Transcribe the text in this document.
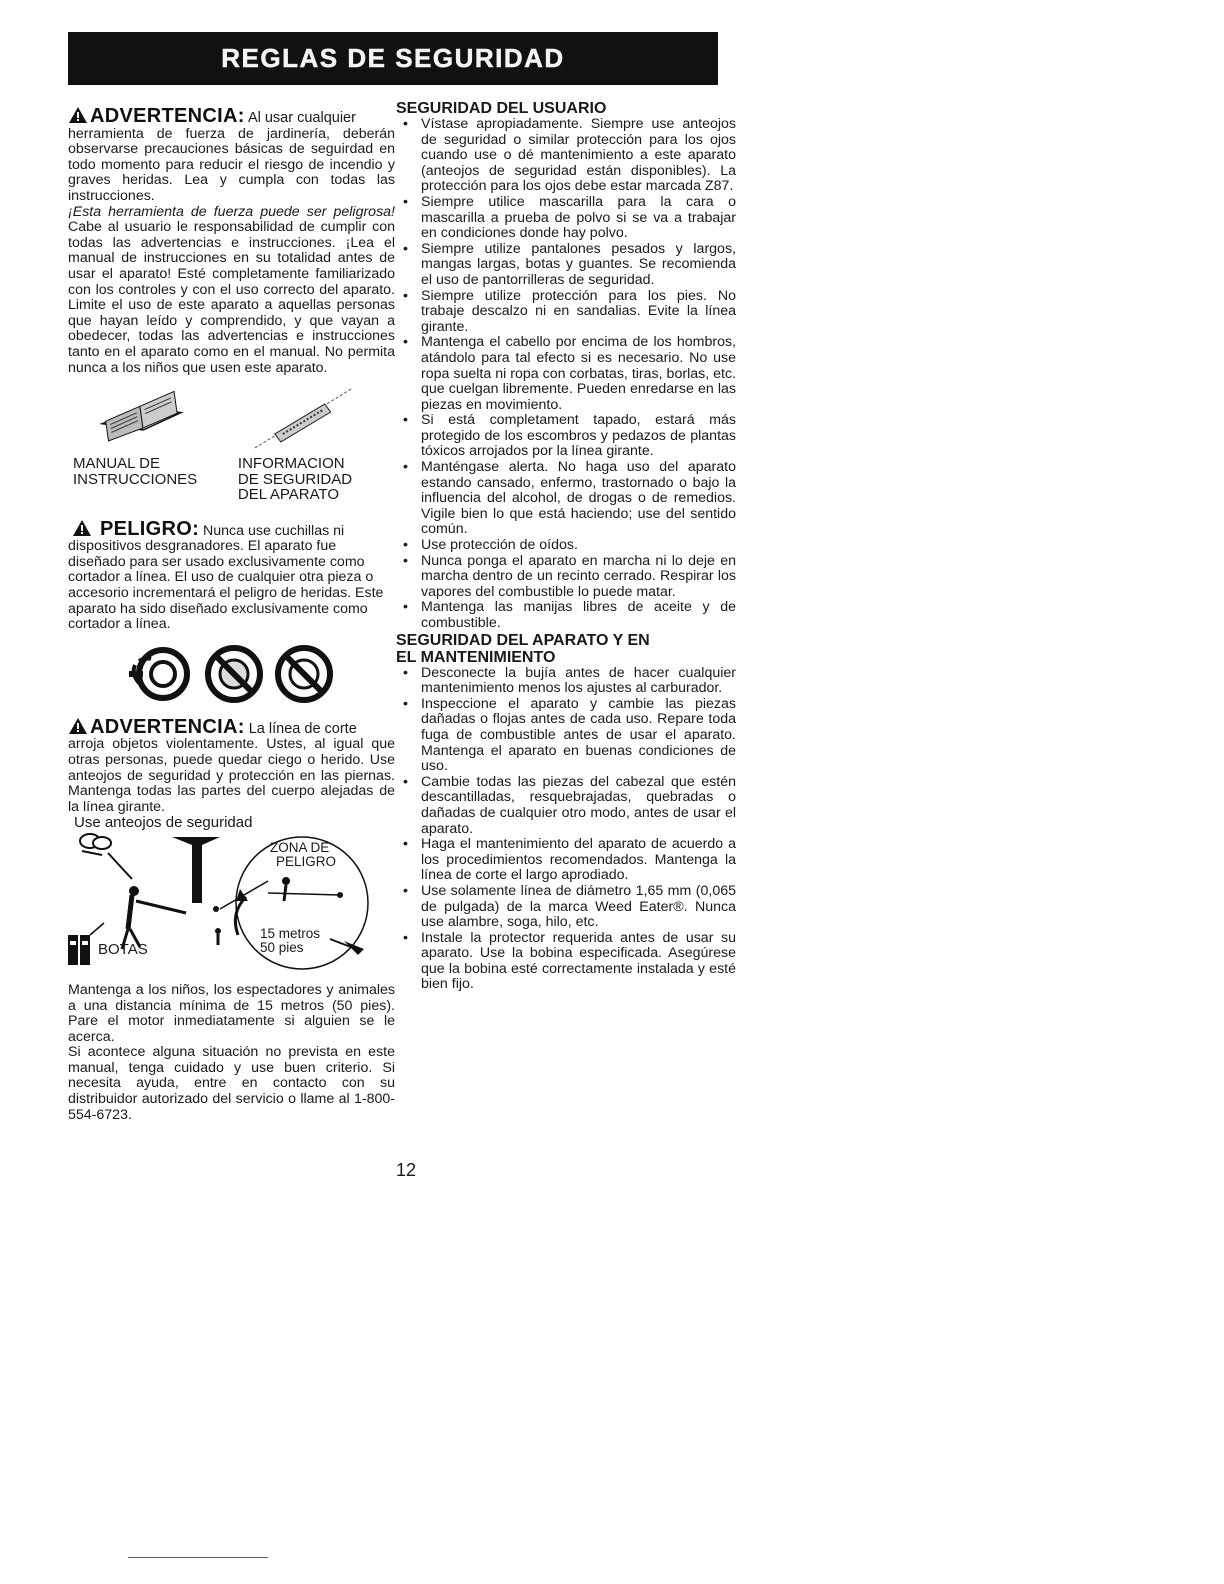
REGLAS DE SEGURIDAD
ADVERTENCIA: Al usar cualquier

herramienta de fuerza de jardinería, deberán observarse precauciones básicas de seguirdad en todo momento para reducir el riesgo de incendio y graves heridas. Lea y cumpla con todas las instrucciones.

¡Esta herramienta de fuerza puede ser peligrosa! Cabe al usuario le responsabilidad de cumplir con todas las advertencias e instrucciones. ¡Lea el manual de instrucciones en su totalidad antes de usar el aparato! Esté completamente familiarizado con los controles y con el uso correcto del aparato. Limite el uso de este aparato a aquellas personas que hayan leído y comprendido, y que vayan a obedecer, todas las advertencias e instrucciones tanto en el aparato como en el manual. No permita nunca a los niños que usen este aparato.

MANUAL DE
INSTRUCCIONES
INFORMACION
DE SEGURIDAD
DEL APARATO
PELIGRO: Nunca use cuchillas ni dispositivos desgranadores. El aparato fue diseñado para ser usado exclusivamente como cortador a línea. El uso de cualquier otra pieza o accesorio incrementará el peligro de heridas. Este aparato ha sido diseñado exclusivamente como cortador a línea.
ADVERTENCIA: La línea de corte

arroja objetos violentamente. Ustes, al igual que otras personas, puede quedar ciego o herido. Use anteojos de seguridad y protección en las piernas. Mantenga todas las partes del cuerpo alejadas de la línea girante.

Use anteojos de seguridad
ZONA DE
PELIGRO
15 metros
50 pies
BOTAS

Mantenga a los niños, los espectadores y animales a una distancia mínima de 15 metros (50 pies). Pare el motor inmediatamente si alguien se le acerca.

Si acontece alguna situación no prevista en este manual, tenga cuidado y use buen criterio. Si necesita ayuda, entre en contacto con su distribuidor autorizado del servicio o llame al 1-800-554-6723.

SEGURIDAD DEL USUARIO
• Vístase apropiadamente. Siempre use anteojos de seguridad o similar protección para los ojos cuando use o dé mantenimiento a este aparato (anteojos de seguridad están disponibles). La protección para los ojos debe estar marcada Z87.
• Siempre utilice mascarilla para la cara o mascarilla a prueba de polvo si se va a trabajar en condiciones donde hay polvo.
• Siempre utilize pantalones pesados y largos, mangas largas, botas y guantes. Se recomienda el uso de pantorrilleras de seguridad.
• Siempre utilize protección para los pies. No trabaje descalzo ni en sandalias. Evite la línea girante.
• Mantenga el cabello por encima de los hombros, atándolo para tal efecto si es necesario. No use ropa suelta ni ropa con corbatas, tiras, borlas, etc. que cuelgan libremente. Pueden enredarse en las piezas en movimiento.
• Si está completament tapado, estará más protegido de los escombros y pedazos de plantas tóxicos arrojados por la línea girante.
• Manténgase alerta. No haga uso del aparato estando cansado, enfermo, trastornado o bajo la influencia del alcohol, de drogas o de remedios. Vigile bien lo que está haciendo; use del sentido común.
• Use protección de oídos.
• Nunca ponga el aparato en marcha ni lo deje en marcha dentro de un recinto cerrado. Respirar los vapores del combustible lo puede matar.
• Mantenga las manijas libres de aceite y de combustible.
SEGURIDAD DEL APARATO Y EN
EL MANTENIMIENTO
• Desconecte la bujía antes de hacer cualquier mantenimiento menos los ajustes al carburador.
• Inspeccione el aparato y cambie las piezas dañadas o flojas antes de cada uso. Repare toda fuga de combustible antes de usar el aparato. Mantenga el aparato en buenas condiciones de uso.
• Cambie todas las piezas del cabezal que estén descantilladas, resquebrajadas, quebradas o dañadas de cualquier otro modo, antes de usar el aparato.
• Haga el mantenimiento del aparato de acuerdo a los procedimientos recomendados. Mantenga la línea de corte el largo aprodiado.
• Use solamente línea de diámetro 1,65 mm (0,065 de pulgada) de la marca Weed Eater®. Nunca use alambre, soga, hilo, etc.
• Instale la protector requerida antes de usar su aparato. Use la bobina especificada. Asegúrese que la bobina esté correctamente instalada y esté bien fijo.
12
